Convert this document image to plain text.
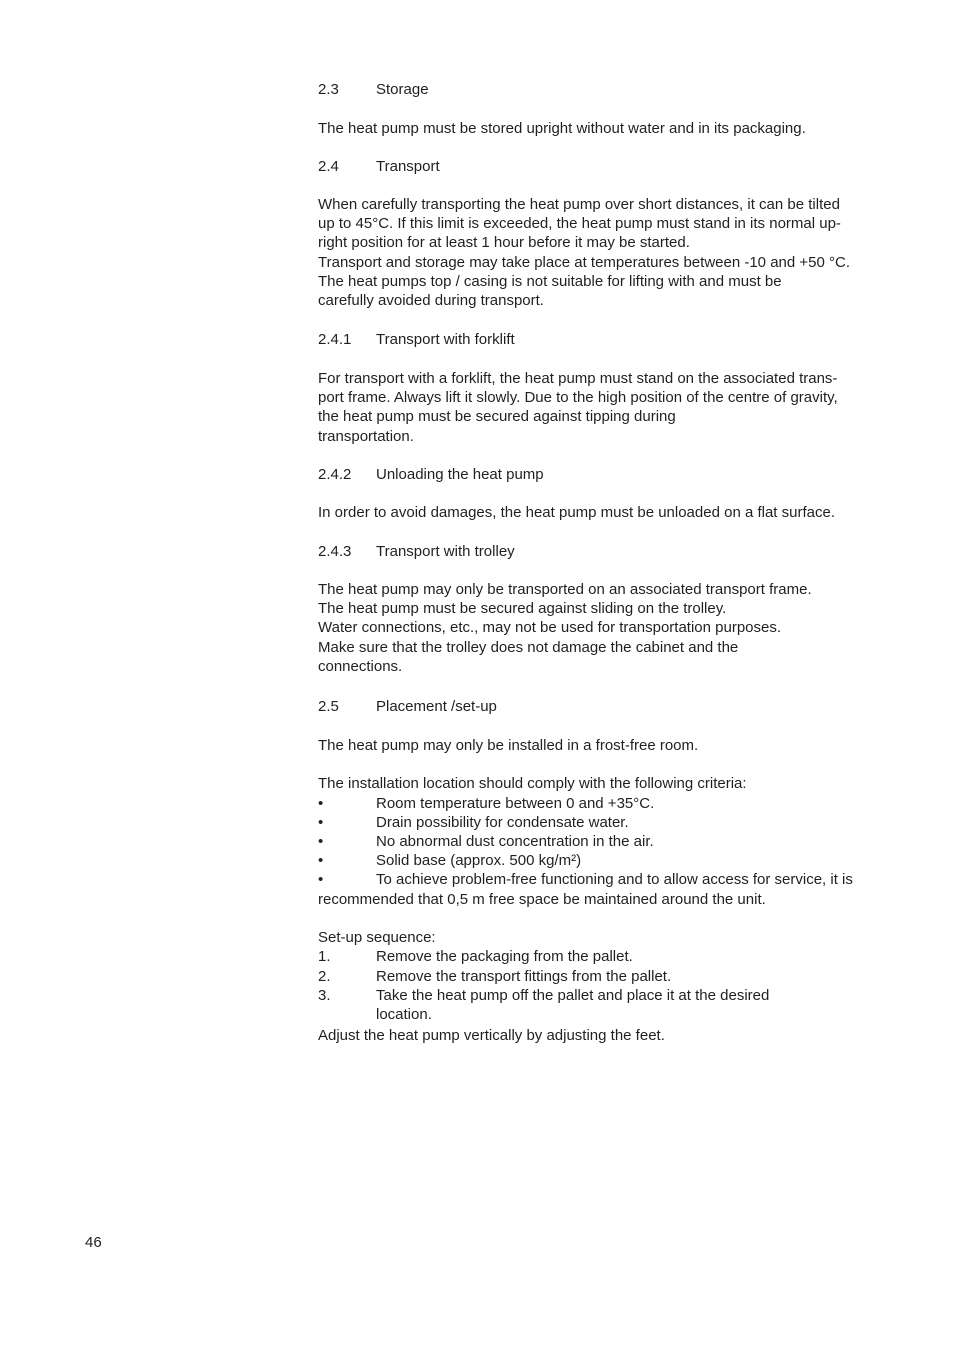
2.3 Storage

The heat pump must be stored upright without water and in its packaging.

2.4 Transport
When carefully transporting the heat pump over short distances, it can be tilted
up to 45°C. If this limit is exceeded, the heat pump must stand in its normal up-
right position for at least 1 hour before it may be started.
Transport and storage may take place at temperatures between -10 and +50 °C.
The heat pumps top / casing is not suitable for lifting with and must be
carefully avoided during transport.
2.4.1 Transport with forklift
For transport with a forklift, the heat pump must stand on the associated trans-
port frame. Always lift it slowly. Due to the high position of the centre of gravity,
the heat pump must be secured against tipping during
transportation.
2.4.2 Unloading the heat pump

In order to avoid damages, the heat pump must be unloaded on a flat surface.

2.4.3 Transport with trolley
The heat pump may only be transported on an associated transport frame.
The heat pump must be secured against sliding on the trolley.
Water connections, etc., may not be used for transportation purposes.
Make sure that the trolley does not damage the cabinet and the
connections.
2.5 Placement /set-up

The heat pump may only be installed in a frost-free room.

The installation location should comply with the following criteria:

•	Room temperature between 0 and +35°C.
•	Drain possibility for condensate water.
•	No abnormal dust concentration in the air.
•	Solid base (approx. 500 kg/m²)
•	To achieve problem-free functioning and to allow access for service, it is

recommended that 0,5 m free space be maintained around the unit.

Set-up sequence:

1.	Remove the packaging from the pallet.
2.	Remove the transport fittings from the pallet.
3.	Take the heat pump off the pallet and place it at the desired
location.

Adjust the heat pump vertically by adjusting the feet.

46
